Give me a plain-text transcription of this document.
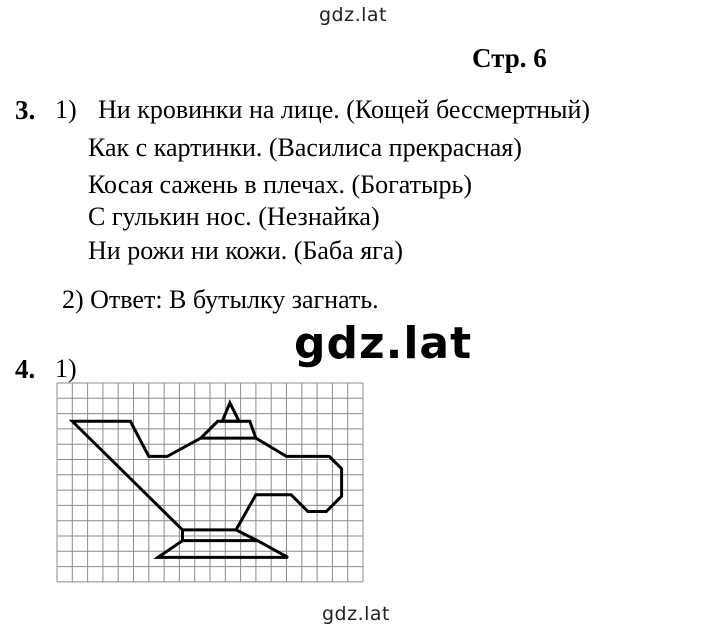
gdz.lat
Стр. 6
3. 1) Ни кровинки на лице. (Кощей бессмертный)
Как с картинки. (Василиса прекрасная)
Косая сажень в плечах. (Богатырь)
С гулькин нос. (Незнайка)
Ни рожи ни кожи. (Баба яга)
2) Ответ: В бутылку загнать.
gdz.lat
4. 1)
gdz.lat
